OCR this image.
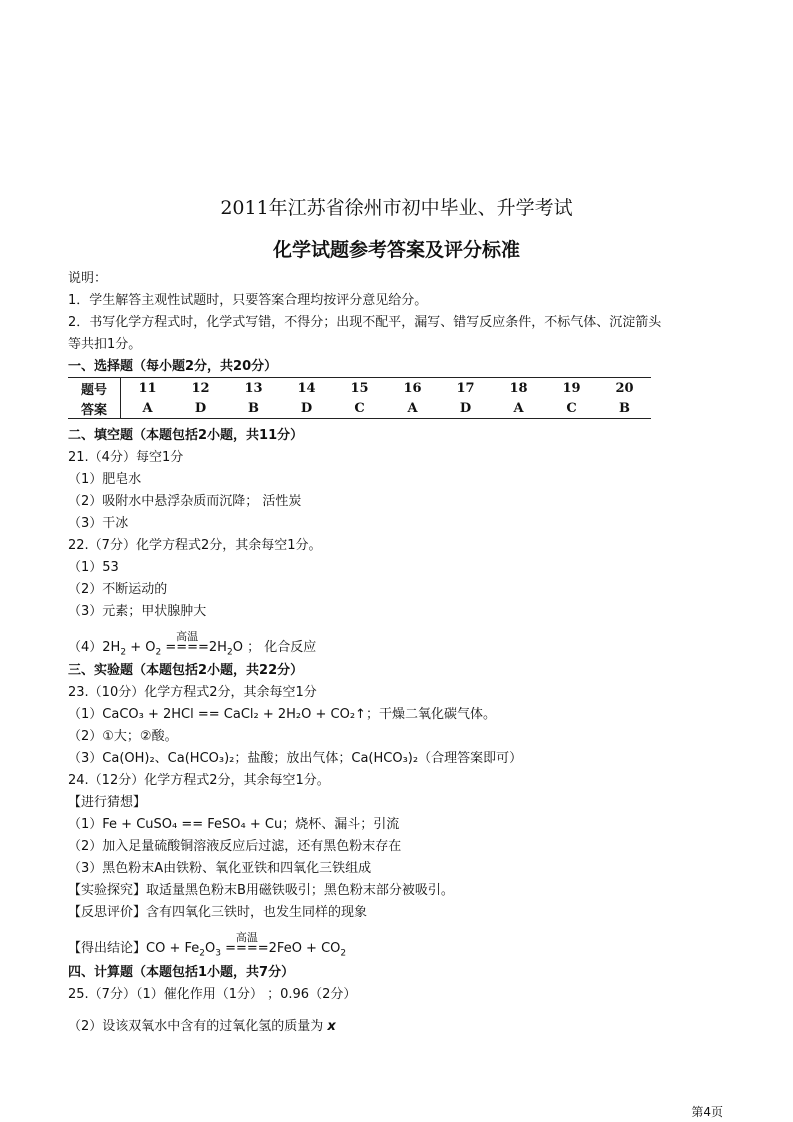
2011年江苏省徐州市初中毕业、升学考试
化学试题参考答案及评分标准
说明：
1．学生解答主观性试题时，只要答案合理均按评分意见给分。
2．书写化学方程式时，化学式写错，不得分；出现不配平，漏写、错写反应条件，不标气体、沉淀箭头
等共扣1分。
一、选择题（每小题2分，共20分）
题号	11	12	13	14	15	16	17	18	19	20
答案	A	D	B	D	C	A	D	A	C	B
二、填空题（本题包括2小题，共11分）
21.（4分）每空1分
（1）肥皂水
（2）吸附水中悬浮杂质而沉降； 活性炭
（3）干冰
22.（7分）化学方程式2分，其余每空1分。
（1）53
（2）不断运动的
（3）元素；甲状腺肿大
$(4)2H_2 + O_2$
高温
$====2H_2O$ ； 化合反应
三、实验题（本题包括2小题，共22分）
23.（10分）化学方程式2分，其余每空1分
（1）CaCO₃ + 2HCl == CaCl₂ + 2H₂O + CO₂↑；干燥二氧化碳气体。
（2）①大；②酸。
（3）Ca(OH)₂、Ca(HCO₃)₂；盐酸；放出气体；Ca(HCO₃)₂（合理答案即可）
24.（12分）化学方程式2分，其余每空1分。
【进行猜想】
（1）Fe + CuSO₄ == FeSO₄ + Cu；烧杯、漏斗；引流
（2）加入足量硫酸铜溶液反应后过滤，还有黑色粉末存在
（3）黑色粉末A由铁粉、氧化亚铁和四氧化三铁组成
【实验探究】取适量黑色粉末B用磁铁吸引；黑色粉末部分被吸引。
【反思评价】含有四氧化三铁时，也发生同样的现象
【得出结论】CO + $Fe_2O_3$
高温
$====2FeO + CO_2$
四、计算题（本题包括1小题，共7分）
25.（7分）（1）催化作用（1分） ；0.96（2分）
（2）设该双氧水中含有的过氧化氢的质量为 x
第4页
